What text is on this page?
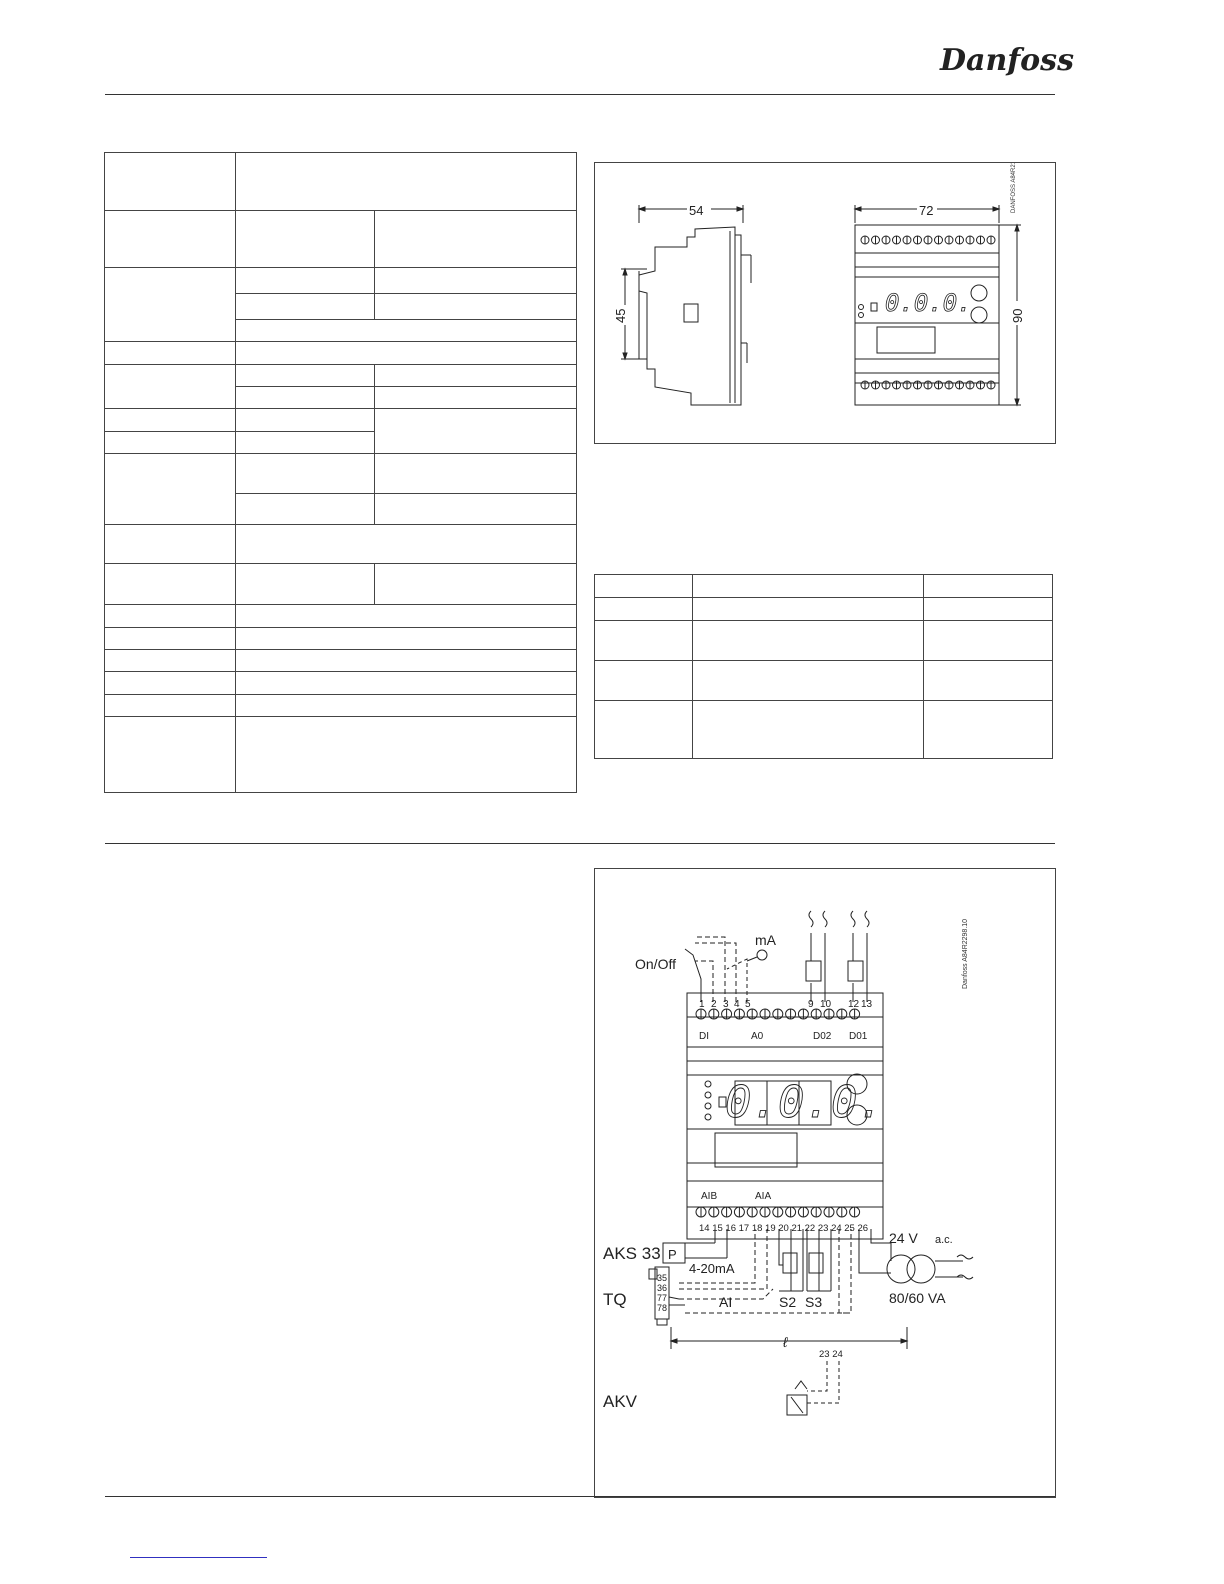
Danfoss

54
45
72
90
0.0.0.
DANFOSS A84R2179.10

On/Off
mA
1 2 3 4 5	9 10 12 13
DI	A0	D02 D01
AIB	AIA
14 15 16 17 18 19 20 21 22 23 24 25 26
AKS 33 P
4-20mA
TQ
35
36
77
78	AI	S2 S3
24 V a.c.
80/60 VA
ℓ
23 24
AKV
0.0.0.
Danfoss A84R2298.10
